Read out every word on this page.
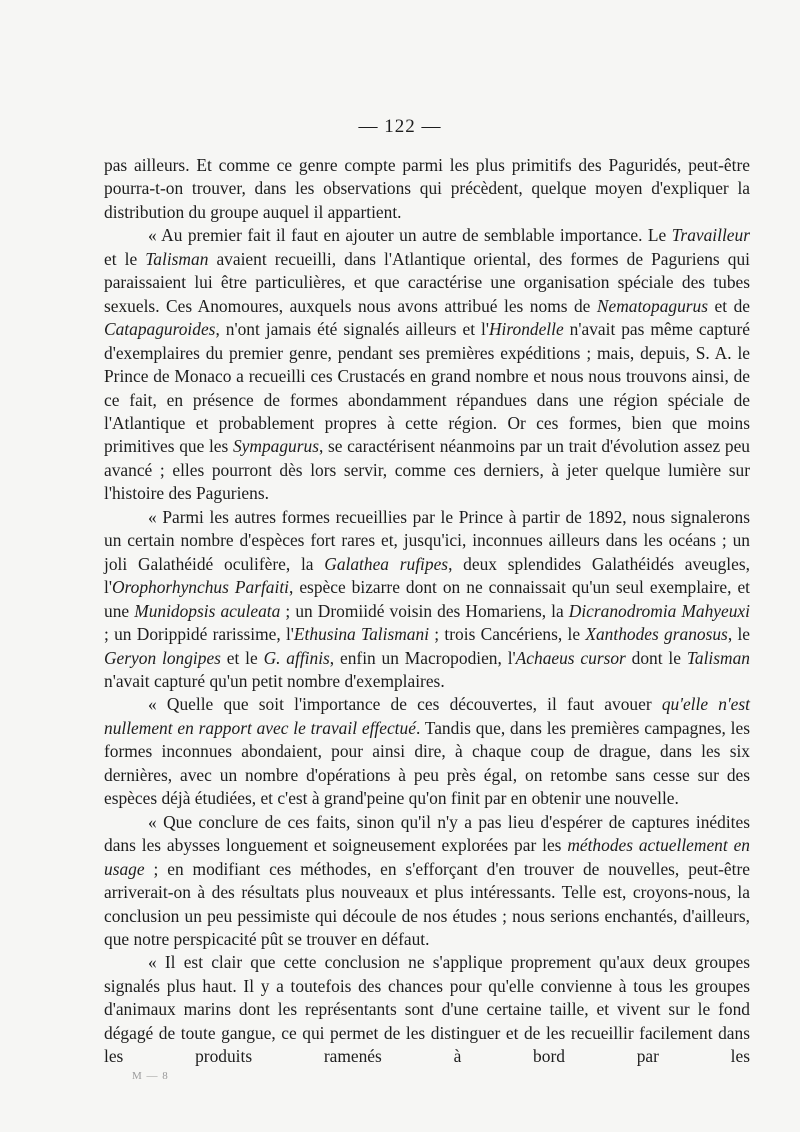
— 122 —

pas ailleurs. Et comme ce genre compte parmi les plus primitifs des Paguridés, peut-être pourra-t-on trouver, dans les observations qui précèdent, quelque moyen d'expliquer la distribution du groupe auquel il appartient.

« Au premier fait il faut en ajouter un autre de semblable importance. Le Travailleur et le Talisman avaient recueilli, dans l'Atlantique oriental, des formes de Paguriens qui paraissaient lui être particulières, et que caractérise une organisation spéciale des tubes sexuels. Ces Anomoures, auxquels nous avons attribué les noms de Nematopagurus et de Catapaguroides, n'ont jamais été signalés ailleurs et l'Hirondelle n'avait pas même capturé d'exemplaires du premier genre, pendant ses premières expéditions ; mais, depuis, S. A. le Prince de Monaco a recueilli ces Crustacés en grand nombre et nous nous trouvons ainsi, de ce fait, en présence de formes abondamment répandues dans une région spéciale de l'Atlantique et probablement propres à cette région. Or ces formes, bien que moins primitives que les Sympagurus, se caractérisent néanmoins par un trait d'évolution assez peu avancé ; elles pourront dès lors servir, comme ces derniers, à jeter quelque lumière sur l'histoire des Paguriens.

« Parmi les autres formes recueillies par le Prince à partir de 1892, nous signalerons un certain nombre d'espèces fort rares et, jusqu'ici, inconnues ailleurs dans les océans ; un joli Galathéidé oculifère, la Galathea rufipes, deux splendides Galathéidés aveugles, l'Orophorhynchus Parfaiti, espèce bizarre dont on ne connaissait qu'un seul exemplaire, et une Munidopsis aculeata ; un Dromiidé voisin des Homariens, la Dicranodromia Mahyeuxi ; un Dorippidé rarissime, l'Ethusina Talismani ; trois Cancériens, le Xanthodes granosus, le Geryon longipes et le G. affinis, enfin un Macropodien, l'Achaeus cursor dont le Talisman n'avait capturé qu'un petit nombre d'exemplaires.

« Quelle que soit l'importance de ces découvertes, il faut avouer qu'elle n'est nullement en rapport avec le travail effectué. Tandis que, dans les premières campagnes, les formes inconnues abondaient, pour ainsi dire, à chaque coup de drague, dans les six dernières, avec un nombre d'opérations à peu près égal, on retombe sans cesse sur des espèces déjà étudiées, et c'est à grand'peine qu'on finit par en obtenir une nouvelle.

« Que conclure de ces faits, sinon qu'il n'y a pas lieu d'espérer de captures inédites dans les abysses longuement et soigneusement explorées par les méthodes actuellement en usage ; en modifiant ces méthodes, en s'efforçant d'en trouver de nouvelles, peut-être arriverait-on à des résultats plus nouveaux et plus intéressants. Telle est, croyons-nous, la conclusion un peu pessimiste qui découle de nos études ; nous serions enchantés, d'ailleurs, que notre perspicacité pût se trouver en défaut.

« Il est clair que cette conclusion ne s'applique proprement qu'aux deux groupes signalés plus haut. Il y a toutefois des chances pour qu'elle convienne à tous les groupes d'animaux marins dont les représentants sont d'une certaine taille, et vivent sur le fond dégagé de toute gangue, ce qui permet de les distinguer et de les recueillir facilement dans les produits ramenés à bord par les

M — 8
